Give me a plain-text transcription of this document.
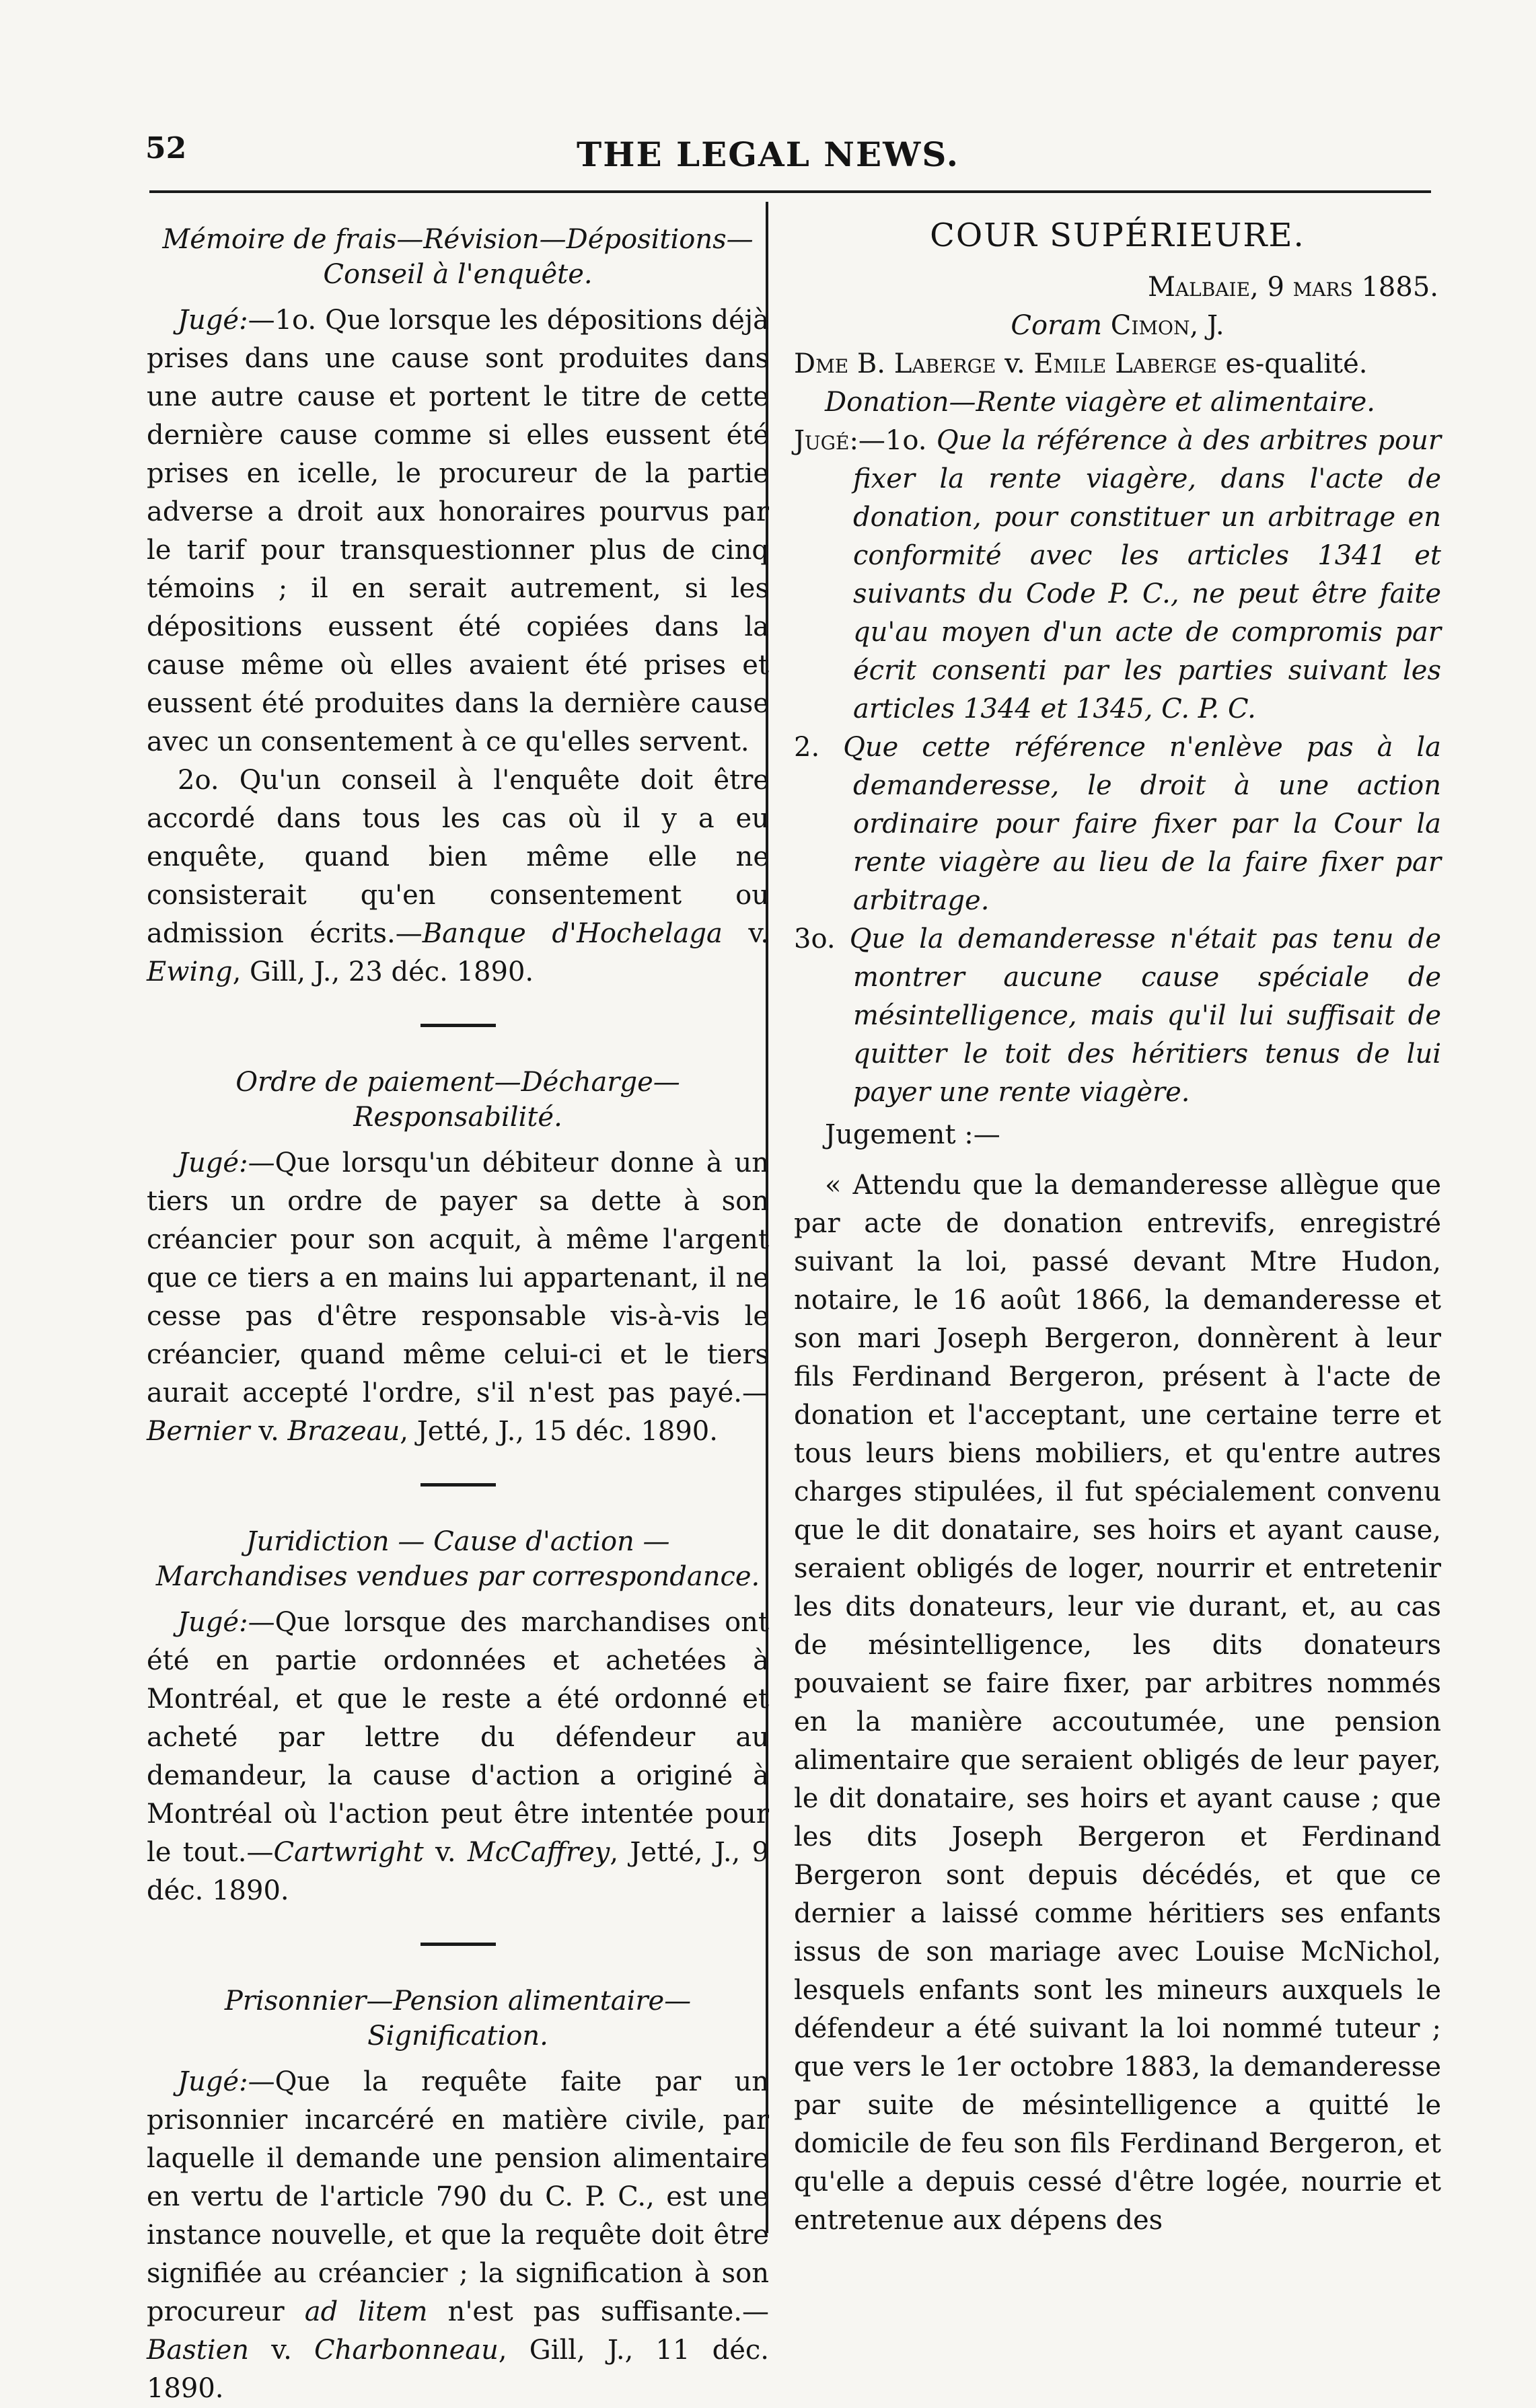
52	THE LEGAL NEWS.

Mémoire de frais—Révision—Dépositions—Conseil à l'enquête.

Jugé:—1o. Que lorsque les dépositions déjà prises dans une cause sont produites dans une autre cause et portent le titre de cette dernière cause comme si elles eussent été prises en icelle, le procureur de la partie adverse a droit aux honoraires pourvus par le tarif pour transquestionner plus de cinq témoins ; il en serait autrement, si les dépositions eussent été copiées dans la cause même où elles avaient été prises et eussent été produites dans la dernière cause avec un consentement à ce qu'elles servent.

2o. Qu'un conseil à l'enquête doit être accordé dans tous les cas où il y a eu enquête, quand bien même elle ne consisterait qu'en consentement ou admission écrits.—Banque d'Hochelaga v. Ewing, Gill, J., 23 déc. 1890.

Ordre de paiement—Décharge—Responsabilité.

Jugé:—Que lorsqu'un débiteur donne à un tiers un ordre de payer sa dette à son créancier pour son acquit, à même l'argent que ce tiers a en mains lui appartenant, il ne cesse pas d'être responsable vis-à-vis le créancier, quand même celui-ci et le tiers aurait accepté l'ordre, s'il n'est pas payé.—Bernier v. Brazeau, Jetté, J., 15 déc. 1890.

Juridiction — Cause d'action — Marchandises vendues par correspondance.

Jugé:—Que lorsque des marchandises ont été en partie ordonnées et achetées à Montréal, et que le reste a été ordonné et acheté par lettre du défendeur au demandeur, la cause d'action a originé à Montréal où l'action peut être intentée pour le tout.—Cartwright v. McCaffrey, Jetté, J., 9 déc. 1890.

Prisonnier—Pension alimentaire—Signification.

Jugé:—Que la requête faite par un prisonnier incarcéré en matière civile, par laquelle il demande une pension alimentaire en vertu de l'article 790 du C. P. C., est une instance nouvelle, et que la requête doit être signifiée au créancier ; la signification à son procureur ad litem n'est pas suffisante.—Bastien v. Charbonneau, Gill, J., 11 déc. 1890.

COUR SUPÉRIEURE.

Malbaie, 9 mars 1885.

Coram Cimon, J.

Dme B. Laberge v. Emile Laberge es-qualité.

Donation—Rente viagère et alimentaire.

Jugé:—1o. Que la référence à des arbitres pour fixer la rente viagère, dans l'acte de donation, pour constituer un arbitrage en conformité avec les articles 1341 et suivants du Code P. C., ne peut être faite qu'au moyen d'un acte de compromis par écrit consenti par les parties suivant les articles 1344 et 1345, C. P. C.

2. Que cette référence n'enlève pas à la demanderesse, le droit à une action ordinaire pour faire fixer par la Cour la rente viagère au lieu de la faire fixer par arbitrage.

3o. Que la demanderesse n'était pas tenu de montrer aucune cause spéciale de mésintelligence, mais qu'il lui suffisait de quitter le toit des héritiers tenus de lui payer une rente viagère.

Jugement :—

« Attendu que la demanderesse allègue que par acte de donation entrevifs, enregistré suivant la loi, passé devant Mtre Hudon, notaire, le 16 août 1866, la demanderesse et son mari Joseph Bergeron, donnèrent à leur fils Ferdinand Bergeron, présent à l'acte de donation et l'acceptant, une certaine terre et tous leurs biens mobiliers, et qu'entre autres charges stipulées, il fut spécialement convenu que le dit donataire, ses hoirs et ayant cause, seraient obligés de loger, nourrir et entretenir les dits donateurs, leur vie durant, et, au cas de mésintelligence, les dits donateurs pouvaient se faire fixer, par arbitres nommés en la manière accoutumée, une pension alimentaire que seraient obligés de leur payer, le dit donataire, ses hoirs et ayant cause ; que les dits Joseph Bergeron et Ferdinand Bergeron sont depuis décédés, et que ce dernier a laissé comme héritiers ses enfants issus de son mariage avec Louise McNichol, lesquels enfants sont les mineurs auxquels le défendeur a été suivant la loi nommé tuteur ; que vers le 1er octobre 1883, la demanderesse par suite de mésintelligence a quitté le domicile de feu son fils Ferdinand Bergeron, et qu'elle a depuis cessé d'être logée, nourrie et entretenue aux dépens des
